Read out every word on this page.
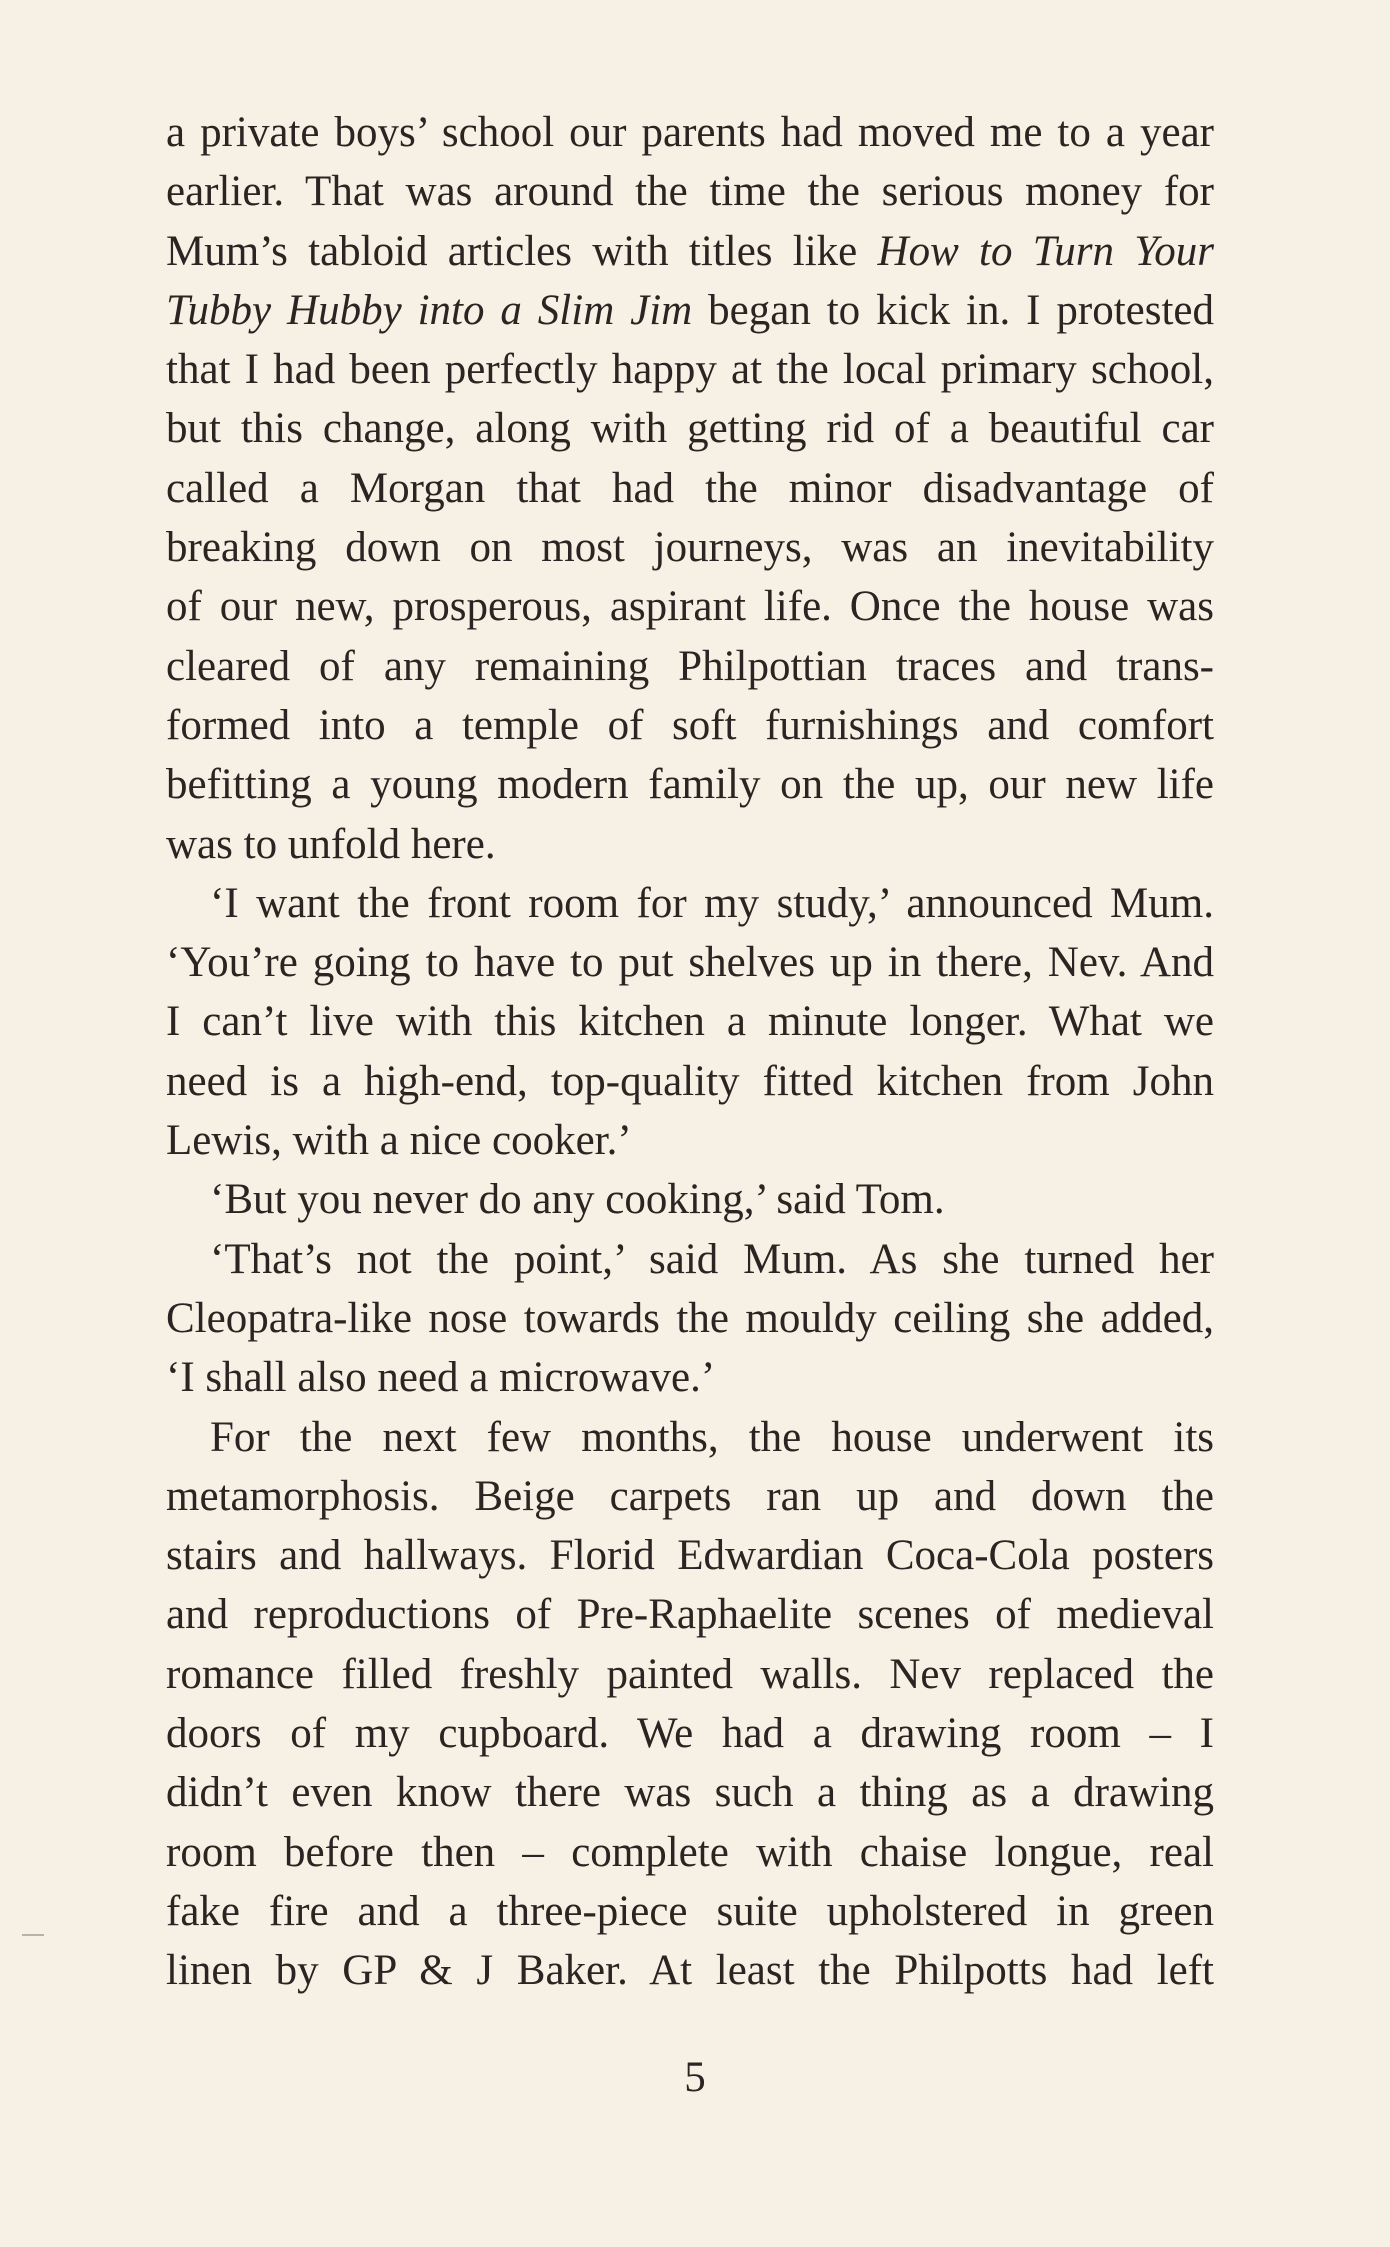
a private boys’ school our parents had moved me to a year
earlier. That was around the time the serious money for
Mum’s tabloid articles with titles like How to Turn Your
Tubby Hubby into a Slim Jim began to kick in. I protested
that I had been perfectly happy at the local primary school,
but this change, along with getting rid of a beautiful car
called a Morgan that had the minor disadvantage of
breaking down on most journeys, was an inevitability
of our new, prosperous, aspirant life. Once the house was
cleared of any remaining Philpottian traces and trans-
formed into a temple of soft furnishings and comfort
befitting a young modern family on the up, our new life
was to unfold here.
‘I want the front room for my study,’ announced Mum.
‘You’re going to have to put shelves up in there, Nev. And
I can’t live with this kitchen a minute longer. What we
need is a high-end, top-quality fitted kitchen from John
Lewis, with a nice cooker.’
‘But you never do any cooking,’ said Tom.
‘That’s not the point,’ said Mum. As she turned her
Cleopatra-like nose towards the mouldy ceiling she added,
‘I shall also need a microwave.’
For the next few months, the house underwent its
metamorphosis. Beige carpets ran up and down the
stairs and hallways. Florid Edwardian Coca-Cola posters
and reproductions of Pre-Raphaelite scenes of medieval
romance filled freshly painted walls. Nev replaced the
doors of my cupboard. We had a drawing room – I
didn’t even know there was such a thing as a drawing
room before then – complete with chaise longue, real
fake fire and a three-piece suite upholstered in green
linen by GP & J Baker. At least the Philpotts had left
5
